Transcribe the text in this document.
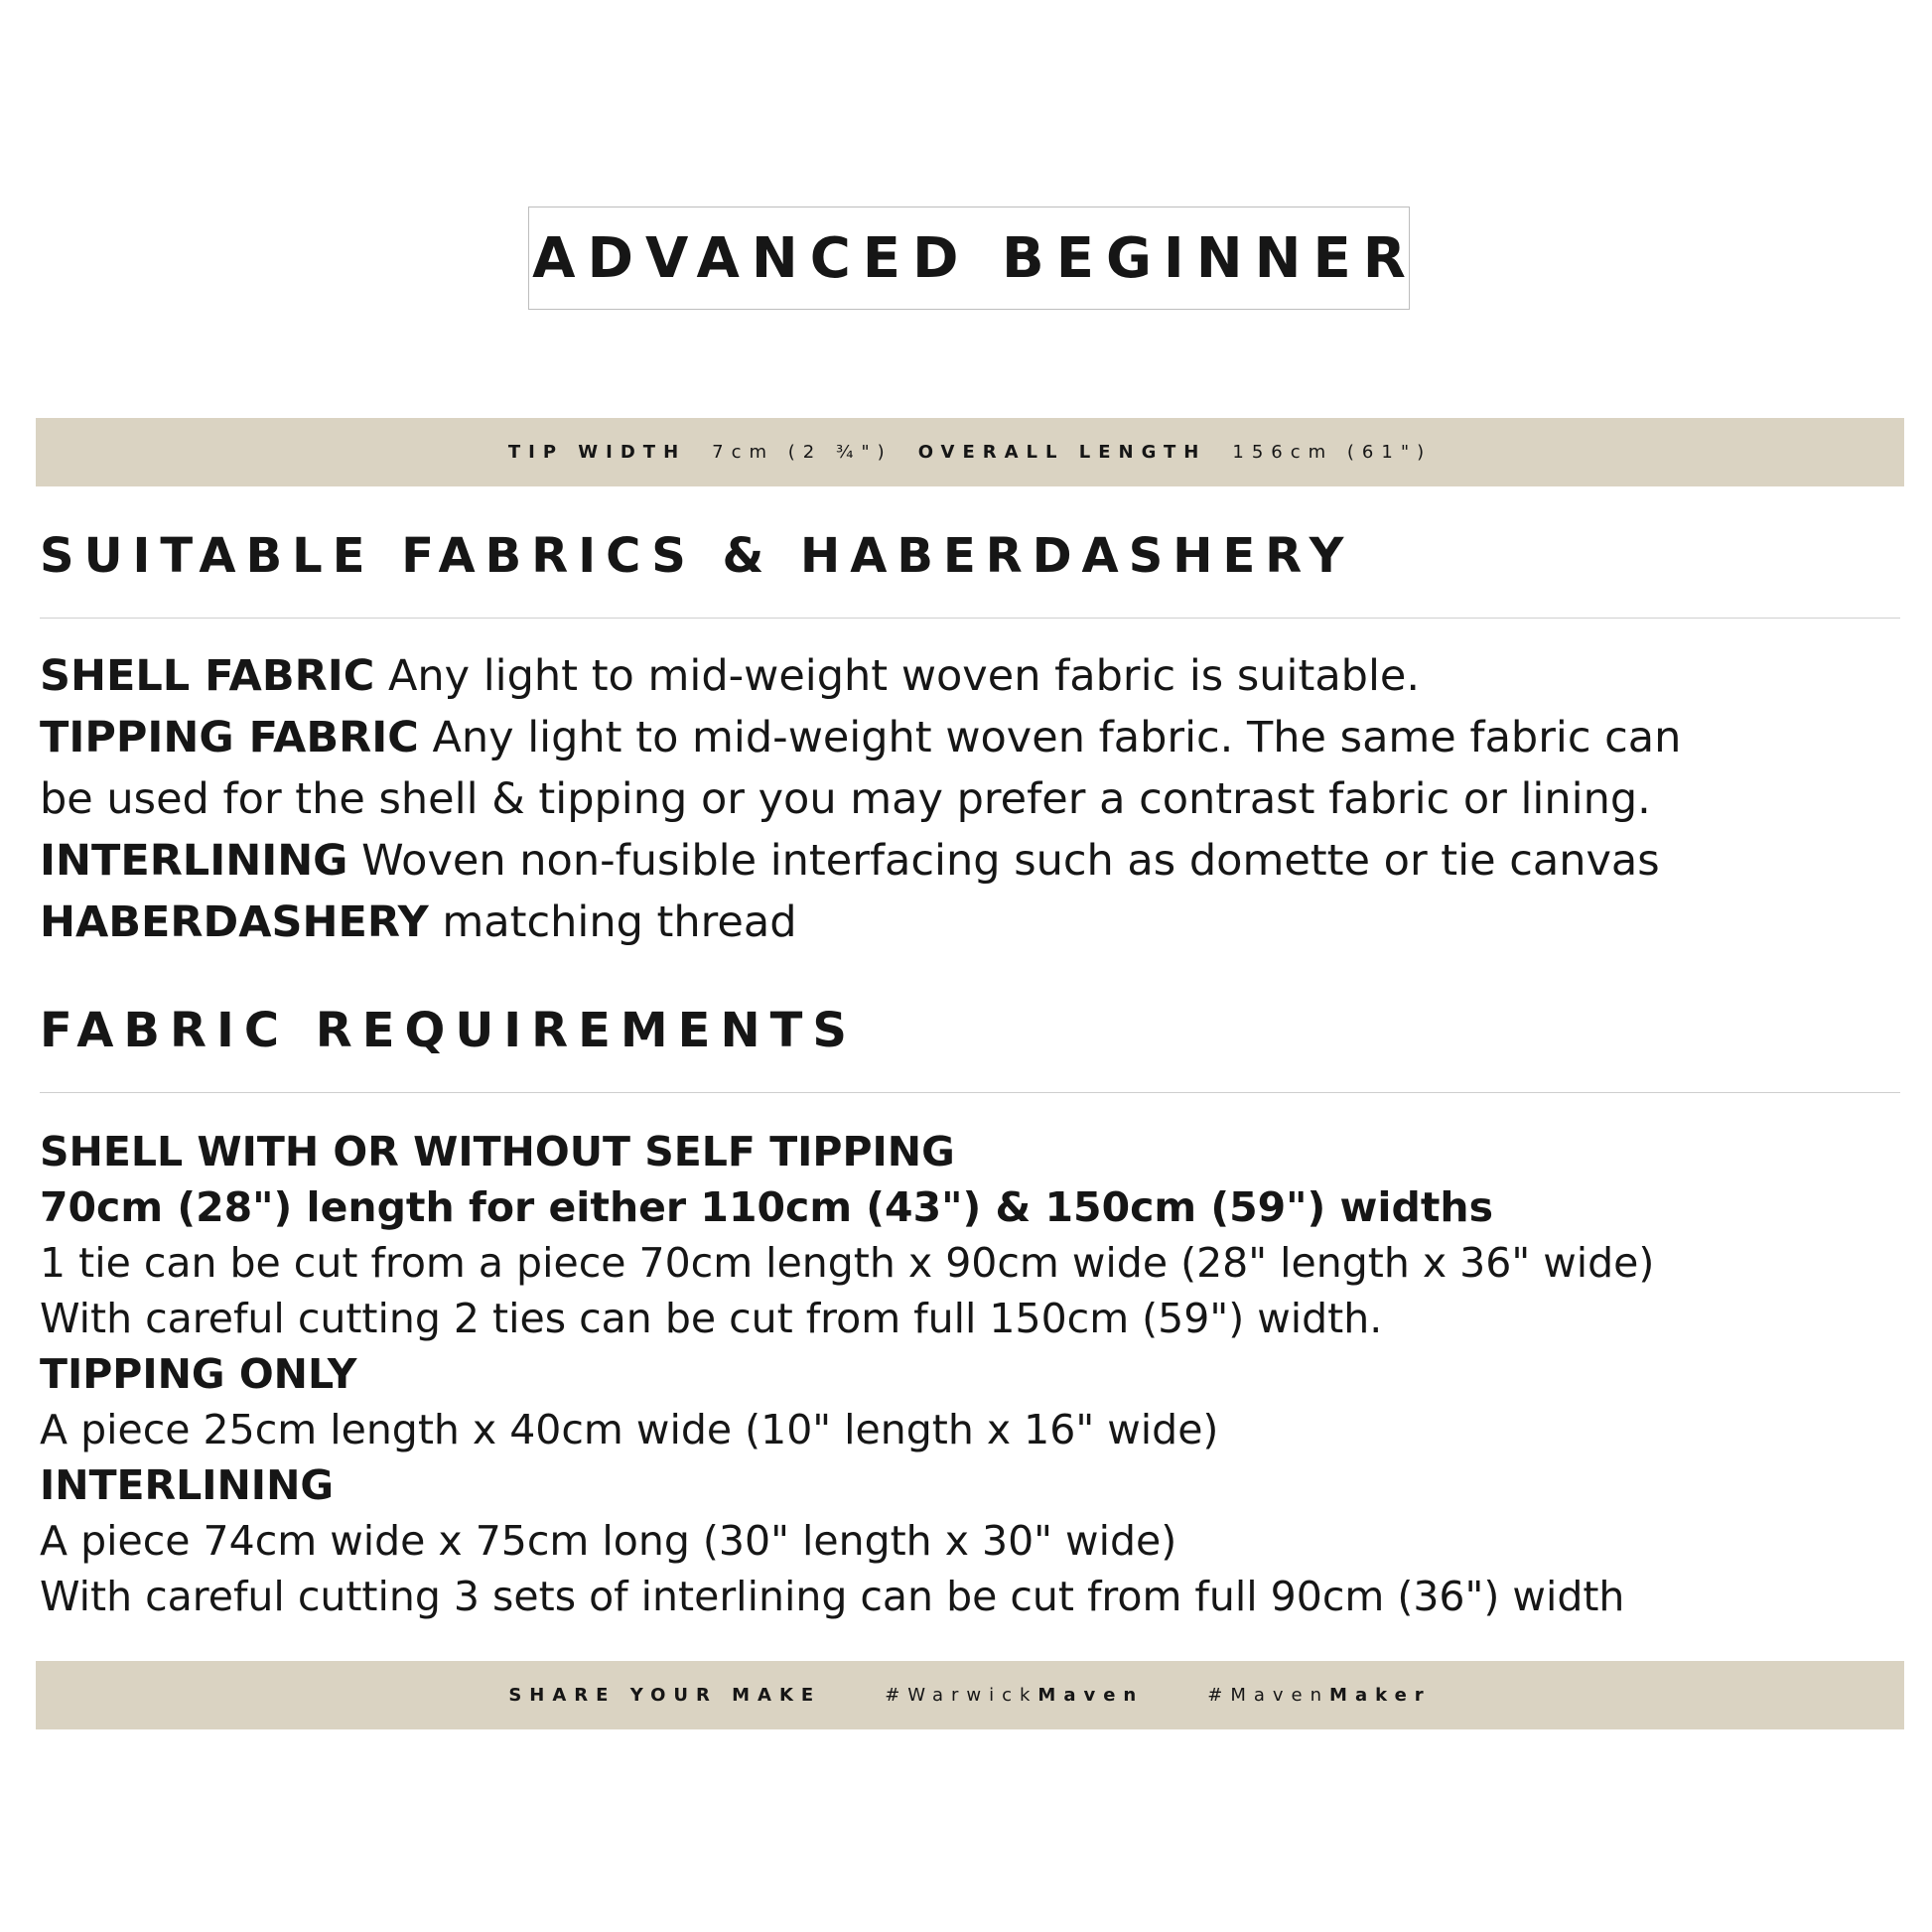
ADVANCED BEGINNER
TIP WIDTH 7cm (2 ¾") OVERALL LENGTH 156cm (61")
SUITABLE FABRICS & HABERDASHERY
SHELL FABRIC Any light to mid-weight woven fabric is suitable.
TIPPING FABRIC Any light to mid-weight woven fabric. The same fabric can
be used for the shell & tipping or you may prefer a contrast fabric or lining.
INTERLINING Woven non-fusible interfacing such as domette or tie canvas
HABERDASHERY matching thread
FABRIC REQUIREMENTS
SHELL WITH OR WITHOUT SELF TIPPING
70cm (28") length for either 110cm (43") & 150cm (59") widths
1 tie can be cut from a piece 70cm length x 90cm wide (28" length x 36" wide)
With careful cutting 2 ties can be cut from full 150cm (59") width.
TIPPING ONLY
A piece 25cm length x 40cm wide (10" length x 16" wide)
INTERLINING
A piece 74cm wide x 75cm long (30" length x 30" wide)
With careful cutting 3 sets of interlining can be cut from full 90cm (36") width
SHARE YOUR MAKE	#WarwickMaven	#MavenMaker
